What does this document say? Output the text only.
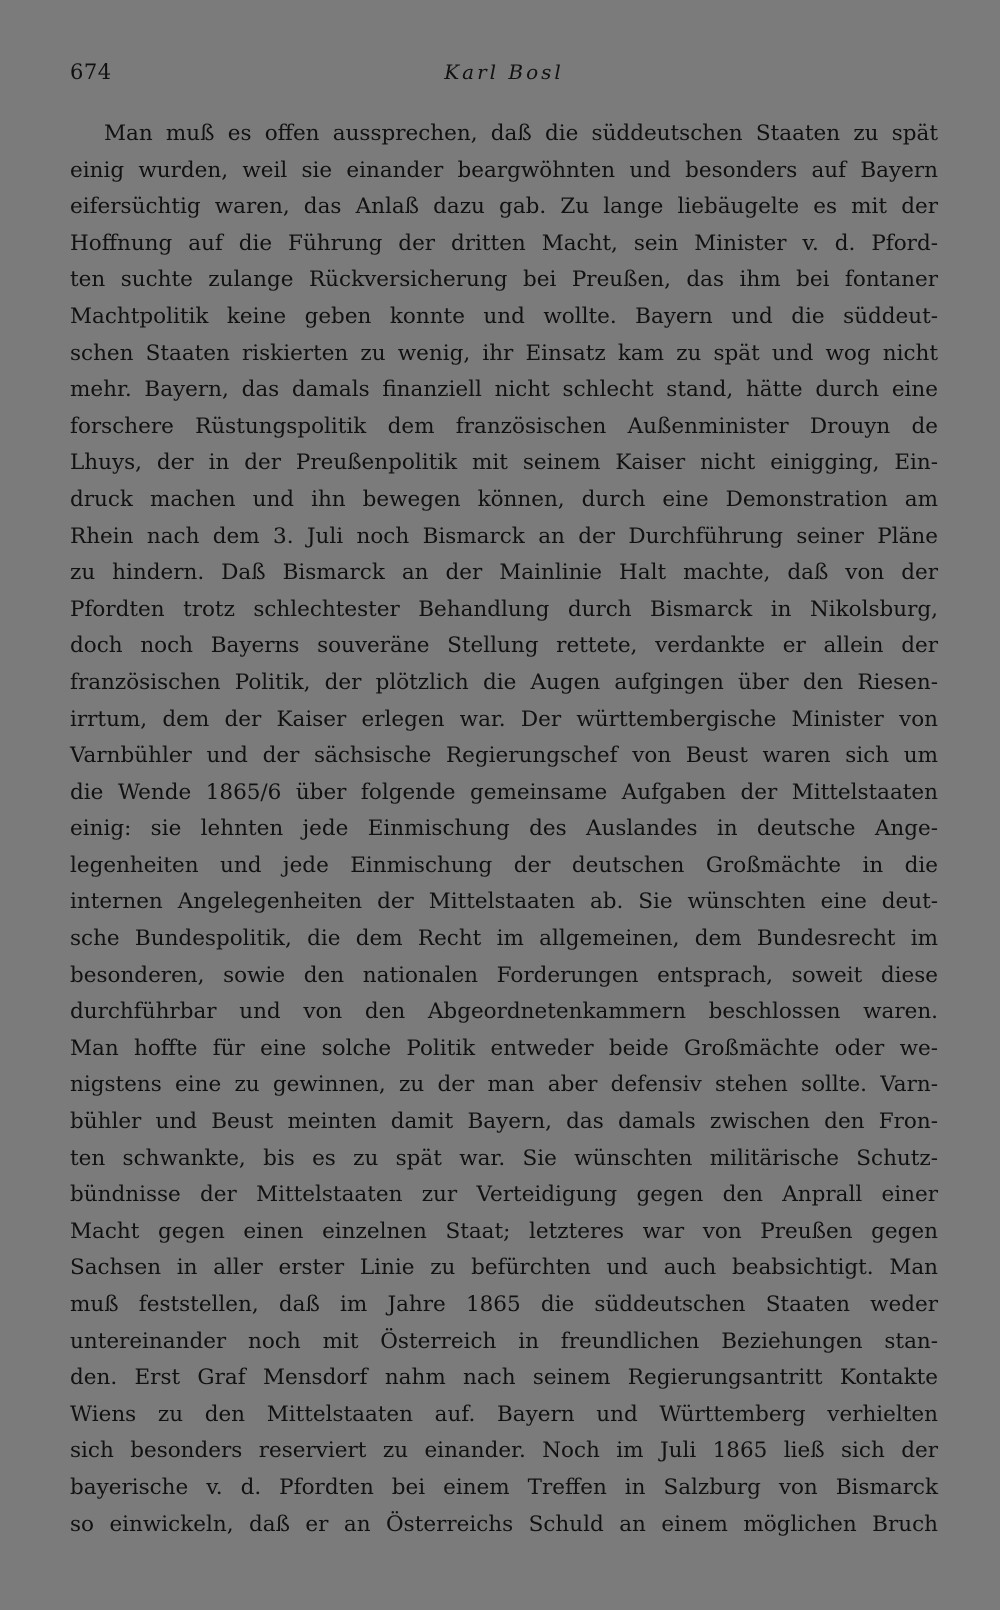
674	Karl Bosl
Man muß es offen aussprechen, daß die süddeutschen Staaten zu spät
einig wurden, weil sie einander beargwöhnten und besonders auf Bayern
eifersüchtig waren, das Anlaß dazu gab. Zu lange liebäugelte es mit der
Hoffnung auf die Führung der dritten Macht, sein Minister v. d. Pford-
ten suchte zulange Rückversicherung bei Preußen, das ihm bei fontaner
Machtpolitik keine geben konnte und wollte. Bayern und die süddeut-
schen Staaten riskierten zu wenig, ihr Einsatz kam zu spät und wog nicht
mehr. Bayern, das damals finanziell nicht schlecht stand, hätte durch eine
forschere Rüstungspolitik dem französischen Außenminister Drouyn de
Lhuys, der in der Preußenpolitik mit seinem Kaiser nicht einigging, Ein-
druck machen und ihn bewegen können, durch eine Demonstration am
Rhein nach dem 3. Juli noch Bismarck an der Durchführung seiner Pläne
zu hindern. Daß Bismarck an der Mainlinie Halt machte, daß von der
Pfordten trotz schlechtester Behandlung durch Bismarck in Nikolsburg,
doch noch Bayerns souveräne Stellung rettete, verdankte er allein der
französischen Politik, der plötzlich die Augen aufgingen über den Riesen-
irrtum, dem der Kaiser erlegen war. Der württembergische Minister von
Varnbühler und der sächsische Regierungschef von Beust waren sich um
die Wende 1865/6 über folgende gemeinsame Aufgaben der Mittelstaaten
einig: sie lehnten jede Einmischung des Auslandes in deutsche Ange-
legenheiten und jede Einmischung der deutschen Großmächte in die
internen Angelegenheiten der Mittelstaaten ab. Sie wünschten eine deut-
sche Bundespolitik, die dem Recht im allgemeinen, dem Bundesrecht im
besonderen, sowie den nationalen Forderungen entsprach, soweit diese
durchführbar und von den Abgeordnetenkammern beschlossen waren.
Man hoffte für eine solche Politik entweder beide Großmächte oder we-
nigstens eine zu gewinnen, zu der man aber defensiv stehen sollte. Varn-
bühler und Beust meinten damit Bayern, das damals zwischen den Fron-
ten schwankte, bis es zu spät war. Sie wünschten militärische Schutz-
bündnisse der Mittelstaaten zur Verteidigung gegen den Anprall einer
Macht gegen einen einzelnen Staat; letzteres war von Preußen gegen
Sachsen in aller erster Linie zu befürchten und auch beabsichtigt. Man
muß feststellen, daß im Jahre 1865 die süddeutschen Staaten weder
untereinander noch mit Österreich in freundlichen Beziehungen stan-
den. Erst Graf Mensdorf nahm nach seinem Regierungsantritt Kontakte
Wiens zu den Mittelstaaten auf. Bayern und Württemberg verhielten
sich besonders reserviert zu einander. Noch im Juli 1865 ließ sich der
bayerische v. d. Pfordten bei einem Treffen in Salzburg von Bismarck
so einwickeln, daß er an Österreichs Schuld an einem möglichen Bruch
